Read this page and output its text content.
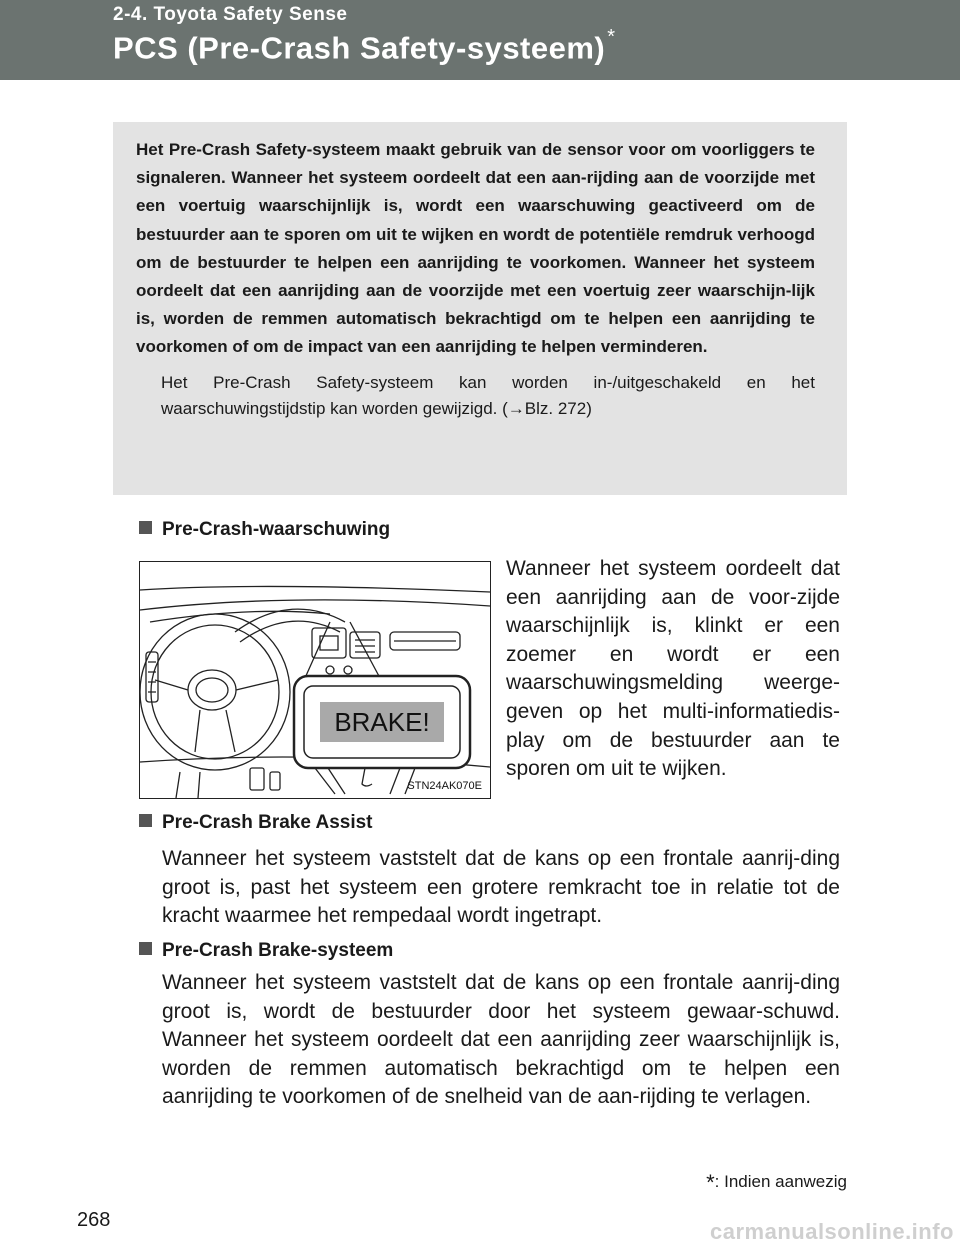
2-4. Toyota Safety Sense
PCS (Pre-Crash Safety-systeem) *

Het Pre-Crash Safety-systeem maakt gebruik van de sensor voor om voorliggers te signaleren. Wanneer het systeem oordeelt dat een aan-rijding aan de voorzijde met een voertuig waarschijnlijk is, wordt een waarschuwing geactiveerd om de bestuurder aan te sporen om uit te wijken en wordt de potentiële remdruk verhoogd om de bestuurder te helpen een aanrijding te voorkomen. Wanneer het systeem oordeelt dat een aanrijding aan de voorzijde met een voertuig zeer waarschijn-lijk is, worden de remmen automatisch bekrachtigd om te helpen een aanrijding te voorkomen of om de impact van een aanrijding te helpen verminderen.

Het Pre-Crash Safety-systeem kan worden in-/uitgeschakeld en het waarschuwingstijdstip kan worden gewijzigd. (→Blz. 272)

Pre-Crash-waarschuwing

Wanneer het systeem oordeelt dat een aanrijding aan de voor-zijde waarschijnlijk is, klinkt er een zoemer en wordt er een waarschuwingsmelding weerge-geven op het multi-informatiedis-play om de bestuurder aan te sporen om uit te wijken.

BRAKE!
STN24AK070E
Pre-Crash Brake Assist

Wanneer het systeem vaststelt dat de kans op een frontale aanrij-ding groot is, past het systeem een grotere remkracht toe in relatie tot de kracht waarmee het rempedaal wordt ingetrapt.

Pre-Crash Brake-systeem

Wanneer het systeem vaststelt dat de kans op een frontale aanrij-ding groot is, wordt de bestuurder door het systeem gewaar-schuwd. Wanneer het systeem oordeelt dat een aanrijding zeer waarschijnlijk is, worden de remmen automatisch bekrachtigd om te helpen een aanrijding te voorkomen of de snelheid van de aan-rijding te verlagen.

*: Indien aanwezig
268	carmanualsonline.info
